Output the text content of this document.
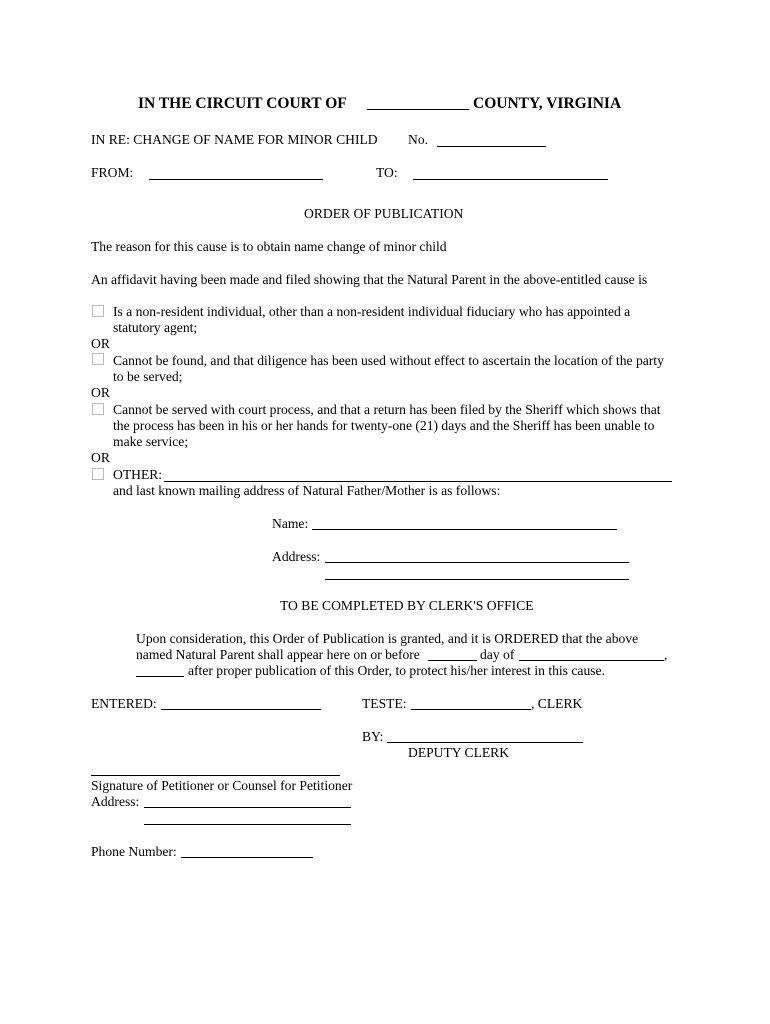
IN THE CIRCUIT COURT OF	COUNTY, VIRGINIA
IN RE: CHANGE OF NAME FOR MINOR CHILD No.
FROM:	TO:
ORDER OF PUBLICATION
The reason for this cause is to obtain name change of minor child
An affidavit having been made and filed showing that the Natural Parent in the above-entitled cause is
Is a non-resident individual, other than a non-resident individual fiduciary who has appointed a
statutory agent;
OR
Cannot be found, and that diligence has been used without effect to ascertain the location of the party
to be served;
OR
Cannot be served with court process, and that a return has been filed by the Sheriff which shows that
the process has been in his or her hands for twenty-one (21) days and the Sheriff has been unable to
make service;
OR
OTHER:
and last known mailing address of Natural Father/Mother is as follows:
Name:
Address:
TO BE COMPLETED BY CLERK'S OFFICE
Upon consideration, this Order of Publication is granted, and it is ORDERED that the above
named Natural Parent shall appear here on or before	day of	,
after proper publication of this Order, to protect his/her interest in this cause.
ENTERED:	TESTE:	, CLERK
BY:
DEPUTY CLERK
Signature of Petitioner or Counsel for Petitioner
Address:
Phone Number:
